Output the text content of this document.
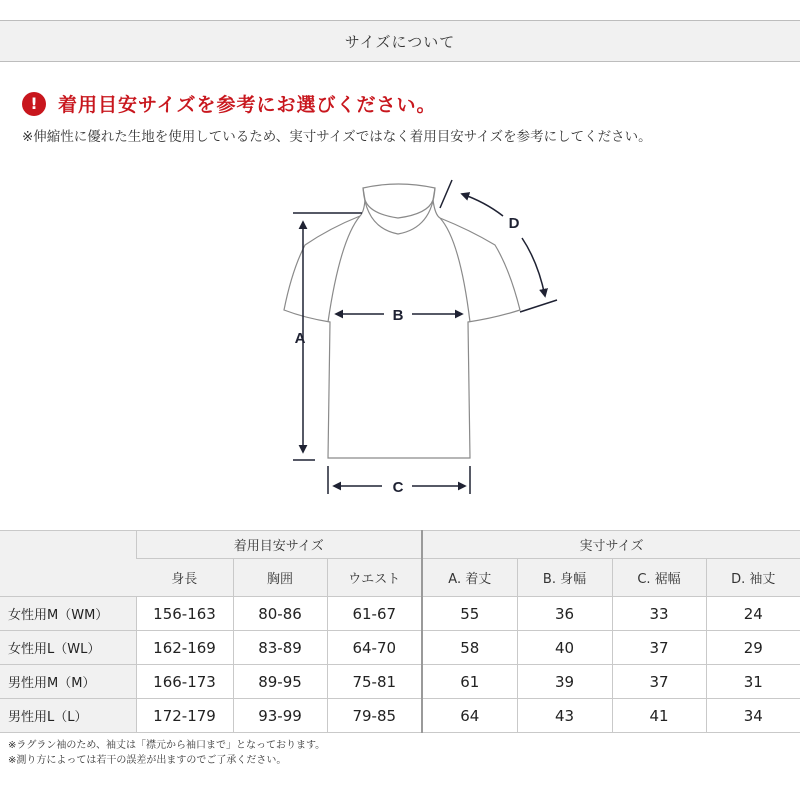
サイズについて
!	着用目安サイズを参考にお選びください。
※伸縮性に優れた生地を使用しているため、実寸サイズではなく着用目安サイズを参考にしてください。
A
B
C
D
	着用目安サイズ			実寸サイズ			
	身長	胸囲	ウエスト	A. 着丈	B. 身幅	C. 裾幅	D. 袖丈
女性用M（WM）	156-163	80-86	61-67	55	36	33	24
女性用L（WL）	162-169	83-89	64-70	58	40	37	29
男性用M（M）	166-173	89-95	75-81	61	39	37	31
男性用L（L）	172-179	93-99	79-85	64	43	41	34
※ラグラン袖のため、袖丈は「襟元から袖口まで」となっております。
※測り方によっては若干の誤差が出ますのでご了承ください。
